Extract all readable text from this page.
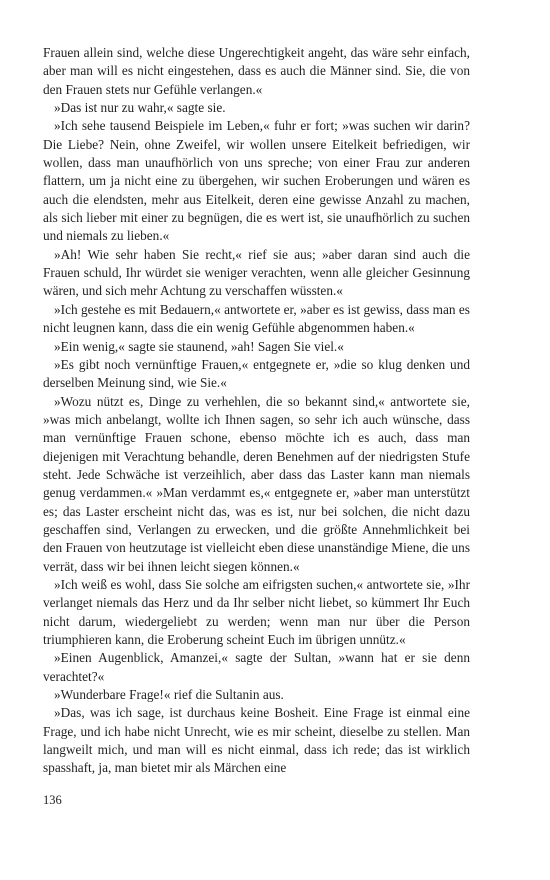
Frauen allein sind, welche diese Ungerechtigkeit angeht, das wäre sehr einfach, aber man will es nicht eingestehen, dass es auch die Männer sind. Sie, die von den Frauen stets nur Gefühle verlangen.«

»Das ist nur zu wahr,« sagte sie.

»Ich sehe tausend Beispiele im Leben,« fuhr er fort; »was suchen wir darin? Die Liebe? Nein, ohne Zweifel, wir wollen unsere Eitelkeit befriedigen, wir wollen, dass man unaufhörlich von uns spreche; von einer Frau zur anderen flattern, um ja nicht eine zu übergehen, wir suchen Eroberungen und wären es auch die elendsten, mehr aus Eitelkeit, deren eine gewisse Anzahl zu machen, als sich lieber mit einer zu begnügen, die es wert ist, sie unaufhörlich zu suchen und niemals zu lieben.«

»Ah! Wie sehr haben Sie recht,« rief sie aus; »aber daran sind auch die Frauen schuld, Ihr würdet sie weniger verachten, wenn alle gleicher Gesinnung wären, und sich mehr Achtung zu verschaffen wüssten.«

»Ich gestehe es mit Bedauern,« antwortete er, »aber es ist gewiss, dass man es nicht leugnen kann, dass die ein wenig Gefühle abgenommen haben.«

»Ein wenig,« sagte sie staunend, »ah! Sagen Sie viel.«

»Es gibt noch vernünftige Frauen,« entgegnete er, »die so klug denken und derselben Meinung sind, wie Sie.«

»Wozu nützt es, Dinge zu verhehlen, die so bekannt sind,« antwortete sie, »was mich anbelangt, wollte ich Ihnen sagen, so sehr ich auch wünsche, dass man vernünftige Frauen schone, ebenso möchte ich es auch, dass man diejenigen mit Verachtung behandle, deren Benehmen auf der niedrigsten Stufe steht. Jede Schwäche ist verzeihlich, aber dass das Laster kann man niemals genug verdammen.« »Man verdammt es,« entgegnete er, »aber man unterstützt es; das Laster erscheint nicht das, was es ist, nur bei solchen, die nicht dazu geschaffen sind, Verlangen zu erwecken, und die größte Annehmlichkeit bei den Frauen von heutzutage ist vielleicht eben diese unanständige Miene, die uns verrät, dass wir bei ihnen leicht siegen können.«

»Ich weiß es wohl, dass Sie solche am eifrigsten suchen,« antwortete sie, »Ihr verlanget niemals das Herz und da Ihr selber nicht liebet, so kümmert Ihr Euch nicht darum, wiedergeliebt zu werden; wenn man nur über die Person triumphieren kann, die Eroberung scheint Euch im übrigen unnütz.«

»Einen Augenblick, Amanzei,« sagte der Sultan, »wann hat er sie denn verachtet?«

»Wunderbare Frage!« rief die Sultanin aus.

»Das, was ich sage, ist durchaus keine Bosheit. Eine Frage ist einmal eine Frage, und ich habe nicht Unrecht, wie es mir scheint, dieselbe zu stellen. Man langweilt mich, und man will es nicht einmal, dass ich rede; das ist wirklich spasshaft, ja, man bietet mir als Märchen eine

136
